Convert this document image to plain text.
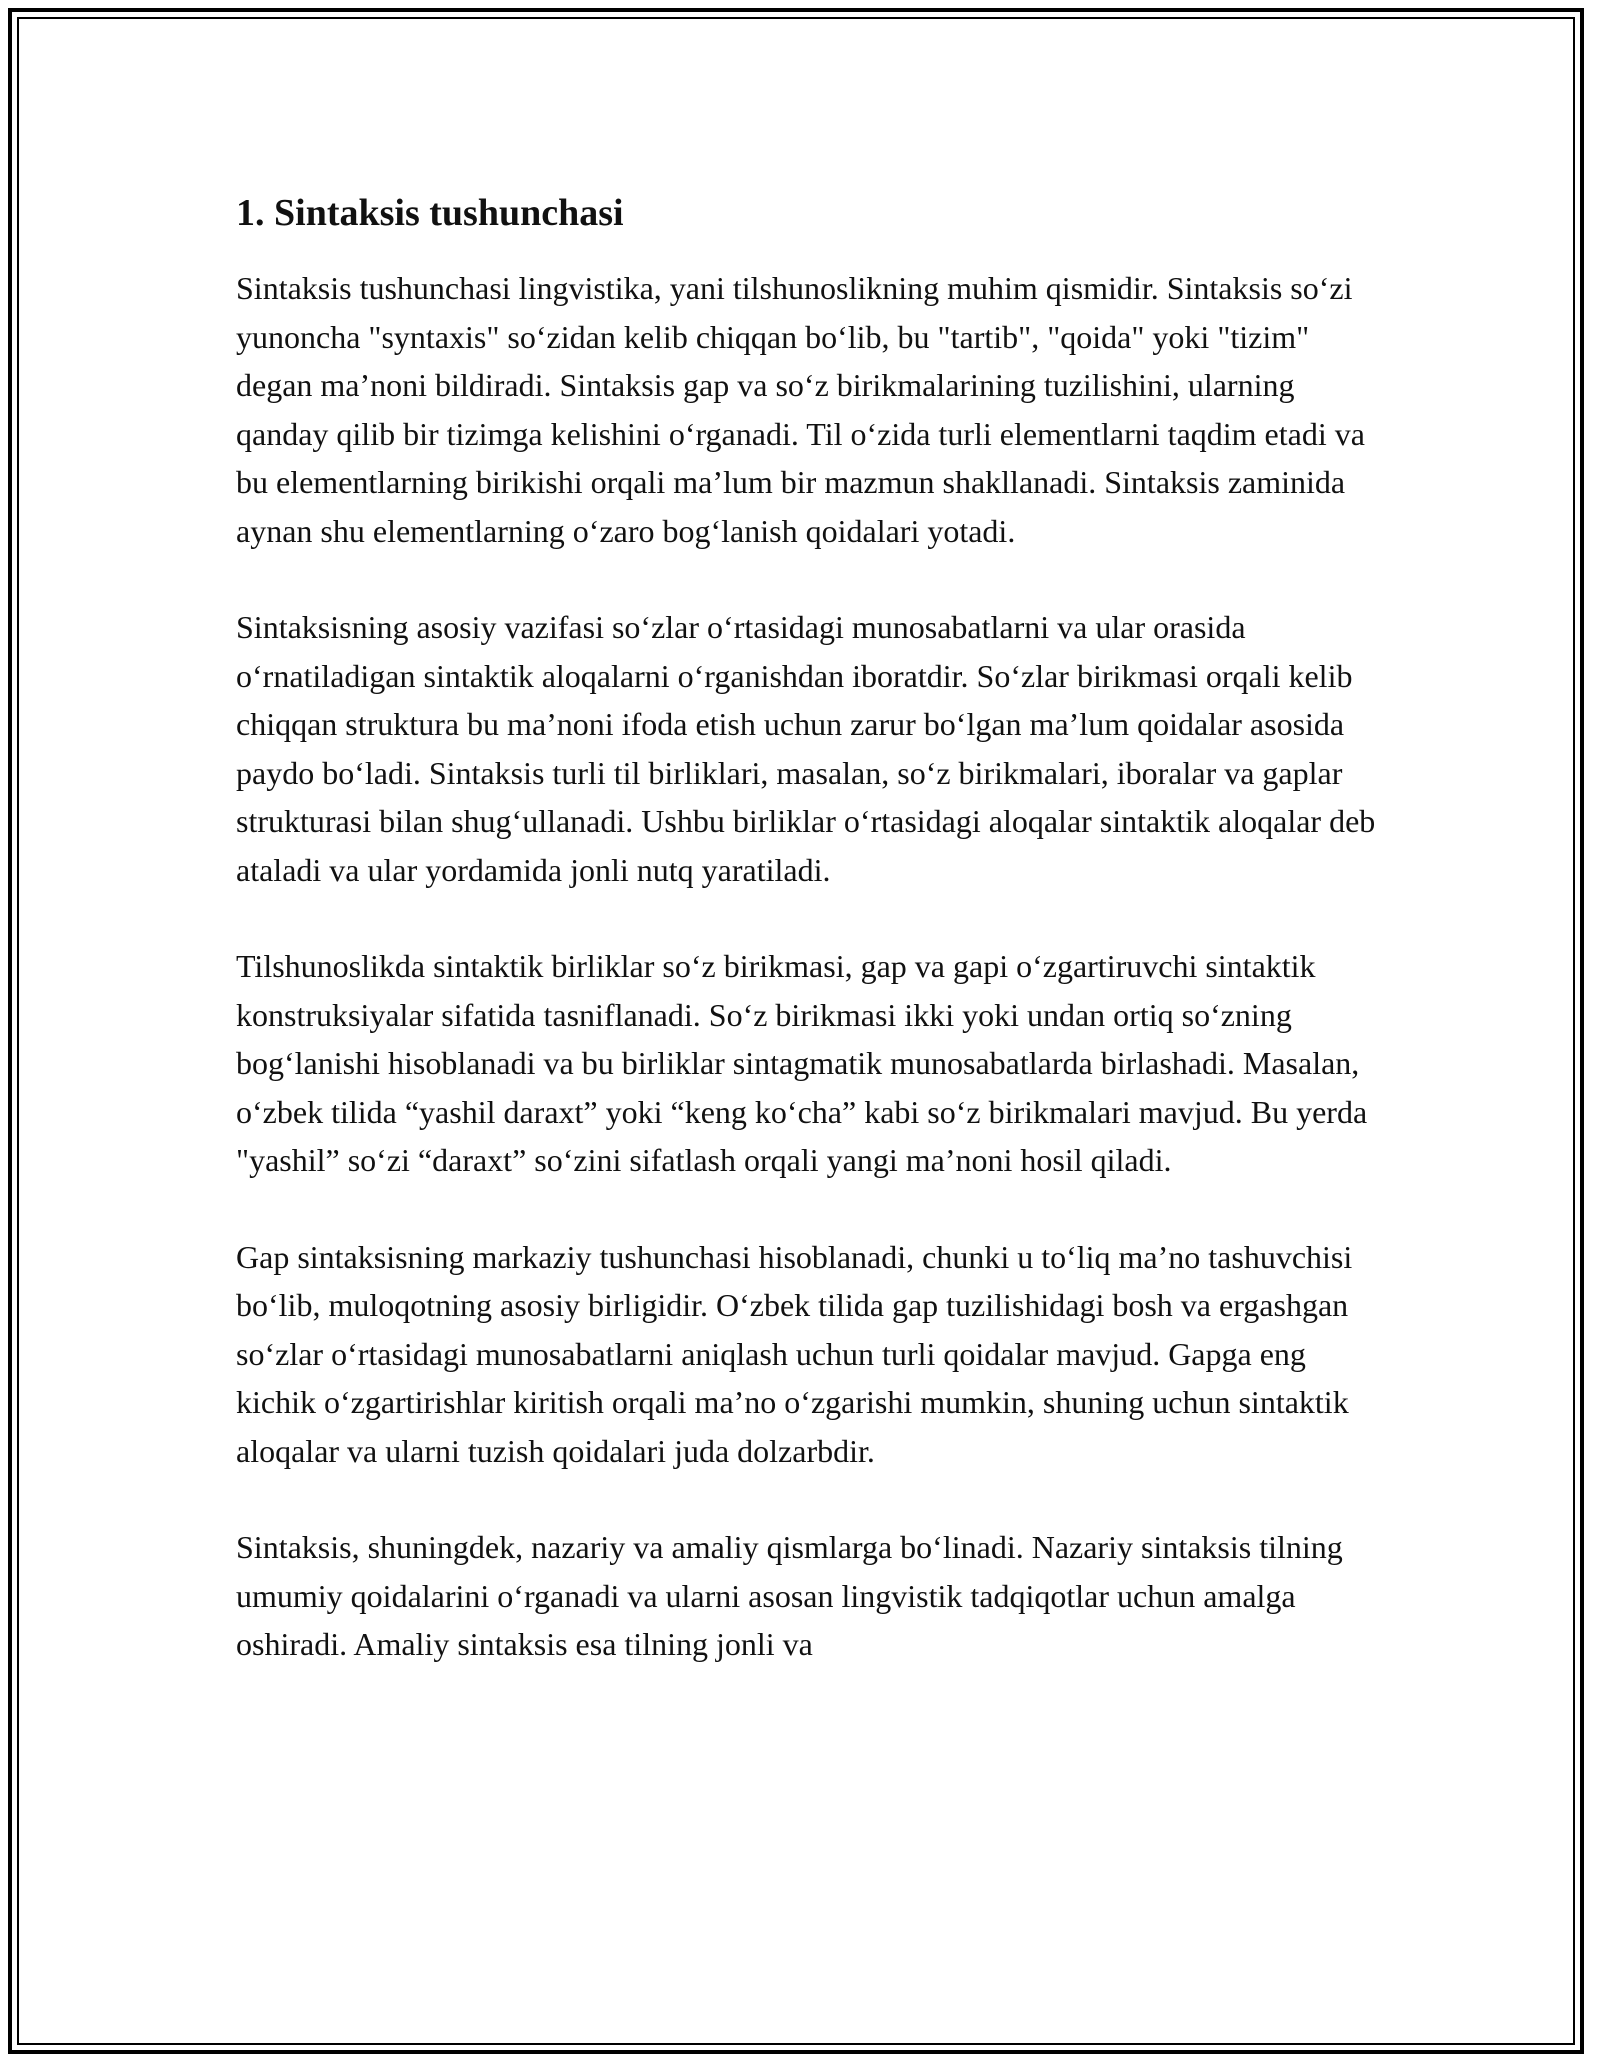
1. Sintaksis tushunchasi

Sintaksis tushunchasi lingvistika, yani tilshunoslikning muhim qismidir. Sintaksis so‘zi yunoncha "syntaxis" so‘zidan kelib chiqqan bo‘lib, bu "tartib", "qoida" yoki "tizim" degan ma’noni bildiradi. Sintaksis gap va so‘z birikmalarining tuzilishini, ularning qanday qilib bir tizimga kelishini o‘rganadi. Til o‘zida turli elementlarni taqdim etadi va bu elementlarning birikishi orqali ma’lum bir mazmun shakllanadi. Sintaksis zaminida aynan shu elementlarning o‘zaro bog‘lanish qoidalari yotadi.

Sintaksisning asosiy vazifasi so‘zlar o‘rtasidagi munosabatlarni va ular orasida o‘rnatiladigan sintaktik aloqalarni o‘rganishdan iboratdir. So‘zlar birikmasi orqali kelib chiqqan struktura bu ma’noni ifoda etish uchun zarur bo‘lgan ma’lum qoidalar asosida paydo bo‘ladi. Sintaksis turli til birliklari, masalan, so‘z birikmalari, iboralar va gaplar strukturasi bilan shug‘ullanadi. Ushbu birliklar o‘rtasidagi aloqalar sintaktik aloqalar deb ataladi va ular yordamida jonli nutq yaratiladi.

Tilshunoslikda sintaktik birliklar so‘z birikmasi, gap va gapi o‘zgartiruvchi sintaktik konstruksiyalar sifatida tasniflanadi. So‘z birikmasi ikki yoki undan ortiq so‘zning bog‘lanishi hisoblanadi va bu birliklar sintagmatik munosabatlarda birlashadi. Masalan, o‘zbek tilida “yashil daraxt” yoki “keng ko‘cha” kabi so‘z birikmalari mavjud. Bu yerda "yashil” so‘zi “daraxt” so‘zini sifatlash orqali yangi ma’noni hosil qiladi.

Gap sintaksisning markaziy tushunchasi hisoblanadi, chunki u to‘liq ma’no tashuvchisi bo‘lib, muloqotning asosiy birligidir. O‘zbek tilida gap tuzilishidagi bosh va ergashgan so‘zlar o‘rtasidagi munosabatlarni aniqlash uchun turli qoidalar mavjud. Gapga eng kichik o‘zgartirishlar kiritish orqali ma’no o‘zgarishi mumkin, shuning uchun sintaktik aloqalar va ularni tuzish qoidalari juda dolzarbdir.

Sintaksis, shuningdek, nazariy va amaliy qismlarga bo‘linadi. Nazariy sintaksis tilning umumiy qoidalarini o‘rganadi va ularni asosan lingvistik tadqiqotlar uchun amalga oshiradi. Amaliy sintaksis esa tilning jonli va
